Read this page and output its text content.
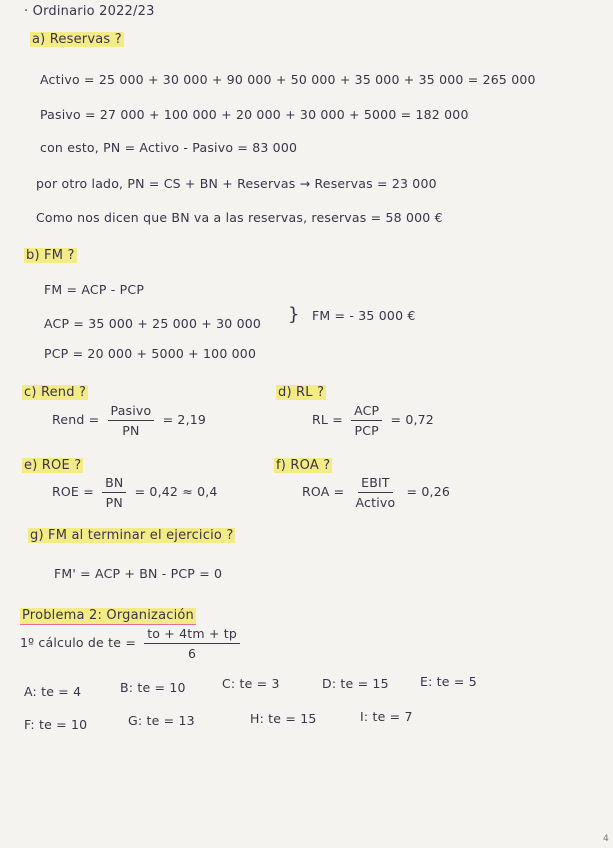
· Ordinario 2022/23
a) Reservas ?
Activo = 25 000 + 30 000 + 90 000 + 50 000 + 35 000 + 35 000 = 265 000
Pasivo = 27 000 + 100 000 + 20 000 + 30 000 + 5000 = 182 000
con esto, PN = Activo - Pasivo = 83 000
por otro lado, PN = CS + BN + Reservas → Reservas = 23 000
Como nos dicen que BN va a las reservas, reservas = 58 000 €
b) FM ?
FM = ACP - PCP
ACP = 35 000 + 25 000 + 30 000 } FM = - 35 000 €
PCP = 20 000 + 5000 + 100 000
c) Rend ?
Rend = $\frac{\text{Pasivo}}{PN} = 2,19$
d) RL ?
RL = $\frac{\text{ACP}}{\text{PCP}} = 0,72$
e) ROE ?
ROE = $\frac{BN}{PN} = 0,42 \approx 0,4$
f) ROA ?
ROA = $\frac{\text{EBIT}}{\text{Activo}} = 0,26$
g) FM al terminar el ejercicio ?
FM' = ACP + BN - PCP = 0
Problema 2: Organización
1º cálculo de te = $\frac{to + 4tm + tp}{6}$
A: te = 4	B: te = 10	C: te = 3	D: te = 15	E: te = 5
F: te = 10	G: te = 13	H: te = 15	I: te = 7
4
